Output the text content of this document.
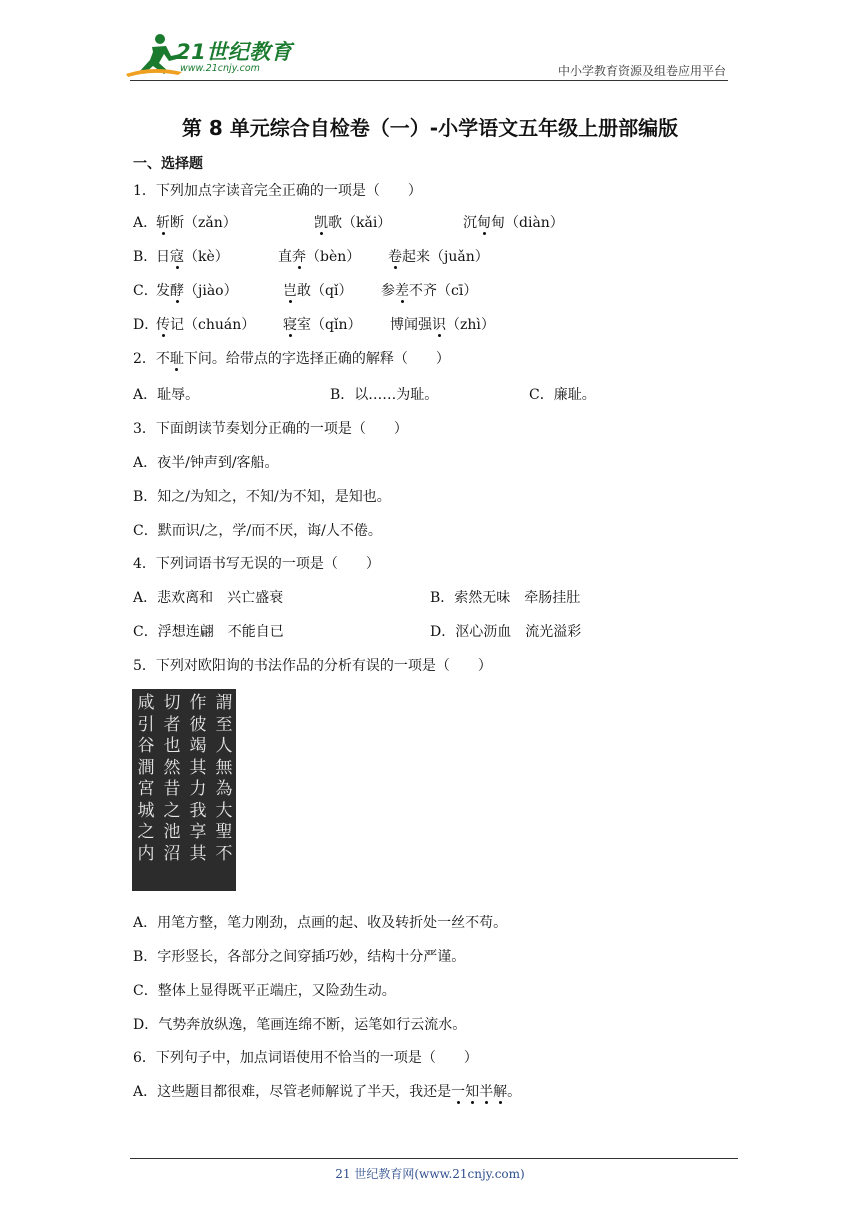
21世纪教育
www.21cnjy.com	中小学教育资源及组卷应用平台
第 8 单元综合自检卷（一）-小学语文五年级上册部编版
一、选择题
1．下列加点字读音完全正确的一项是（　　）
A．
斩断（zǎn）	凯歌（kǎi）	沉甸甸（diàn）
B．
日寇（kè）	直奔（bèn） 卷起来（juǎn）
C．
发酵（jiào）	岂敢（qǐ） 参差不齐（cī）
D．
传记（chuán） 寝室（qǐn） 博闻强识（zhì）
2．不耻下问。给带点的字选择正确的解释（　　）
A．耻辱。	B．以……为耻。	C．廉耻。
3．下面朗读节奏划分正确的一项是（　　）
A．夜半/钟声到/客船。
B．知之/为知之，不知/为不知，是知也。
C．默而识/之，学/而不厌，诲/人不倦。
4．下列词语书写无误的一项是（　　）
A．悲欢离和　兴亡盛衰	B．索然无味　牵肠挂肚
C．浮想连翩　不能自已	D．沤心沥血　流光溢彩
5．下列对欧阳询的书法作品的分析有误的一项是（　　）
謂至人無為大聖不
作彼竭其力我享其
切者也然昔之池沼
咸引谷澗宮城之内
A．用笔方整，笔力刚劲，点画的起、收及转折处一丝不苟。
B．字形竖长，各部分之间穿插巧妙，结构十分严谨。
C．整体上显得既平正端庄，又险劲生动。
D．气势奔放纵逸，笔画连绵不断，运笔如行云流水。
6．下列句子中，加点词语使用不恰当的一项是（　　）
A．这些题目都很难，尽管老师解说了半天，我还是一知半解。
21 世纪教育网(www.21cnjy.com)
